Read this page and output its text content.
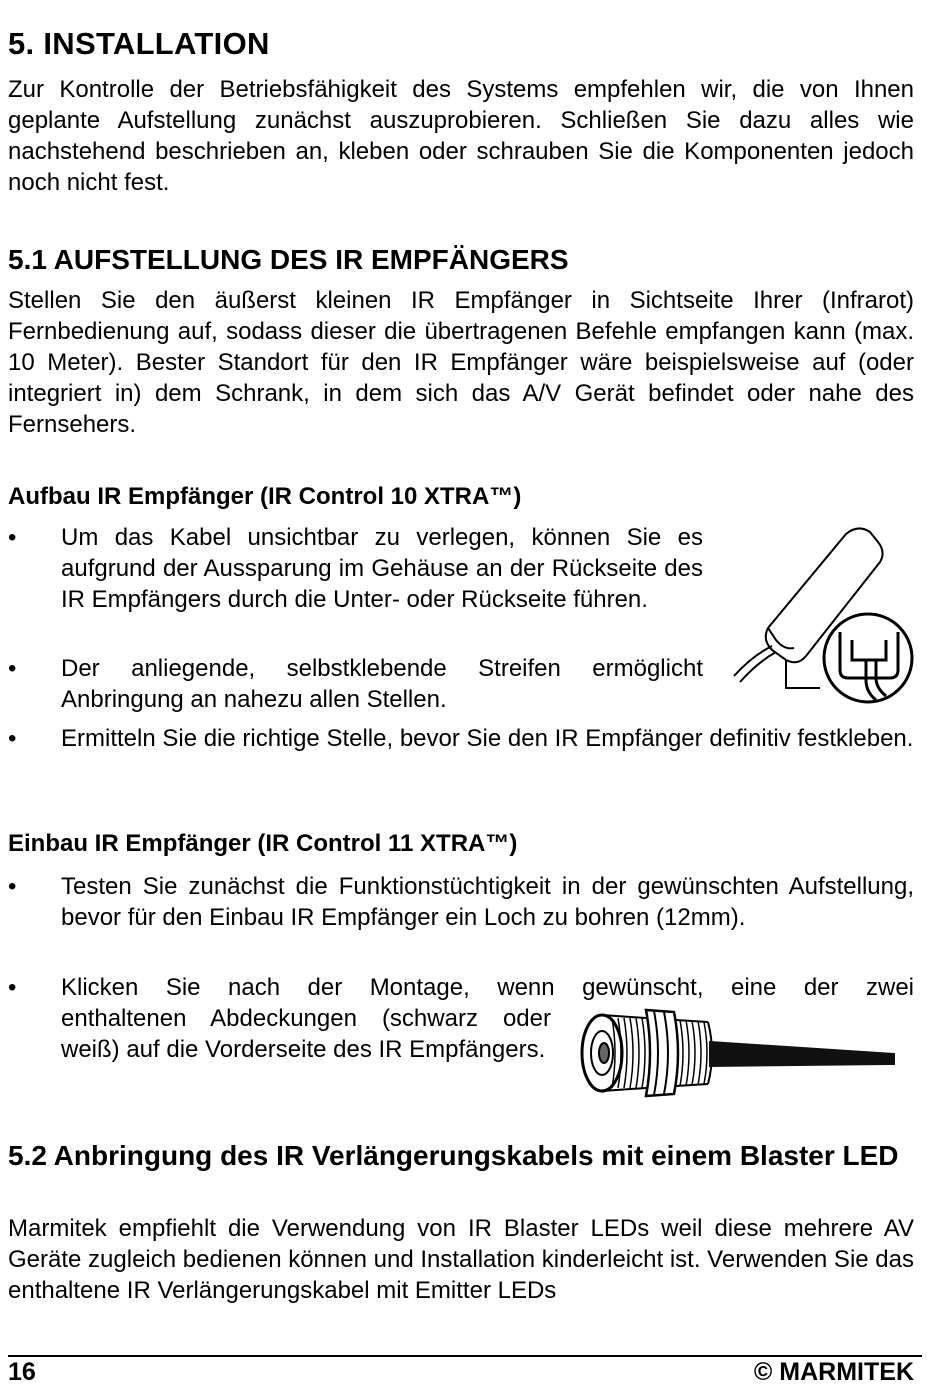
5. INSTALLATION

Zur Kontrolle der Betriebsfähigkeit des Systems empfehlen wir, die von Ihnen geplante Aufstellung zunächst auszuprobieren. Schließen Sie dazu alles wie nachstehend beschrieben an, kleben oder schrauben Sie die Komponenten jedoch noch nicht fest.

5.1 AUFSTELLUNG DES IR EMPFÄNGERS

Stellen Sie den äußerst kleinen IR Empfänger in Sichtseite Ihrer (Infrarot) Fernbedienung auf, sodass dieser die übertragenen Befehle empfangen kann (max. 10 Meter). Bester Standort für den IR Empfänger wäre beispielsweise auf (oder integriert in) dem Schrank, in dem sich das A/V Gerät befindet oder nahe des Fernsehers.

Aufbau IR Empfänger (IR Control 10 XTRA™)
•	Um das Kabel unsichtbar zu verlegen, können Sie es aufgrund der Aussparung im Gehäuse an der Rückseite des IR Empfängers durch die Unter- oder Rückseite führen.

•	Der anliegende, selbstklebende Streifen ermöglicht Anbringung an nahezu allen Stellen.

•	Ermitteln Sie die richtige Stelle, bevor Sie den IR Empfänger definitiv festkleben.

Einbau IR Empfänger (IR Control 11 XTRA™)
•	Testen Sie zunächst die Funktionstüchtigkeit in der gewünschten Aufstellung, bevor für den Einbau IR Empfänger ein Loch zu bohren (12mm).

•	Klicken Sie nach der Montage, wenn gewünscht, eine der zwei

enthaltenen Abdeckungen (schwarz oder weiß) auf die Vorderseite des IR Empfängers.

5.2 Anbringung des IR Verlängerungskabels mit einem Blaster LED

Marmitek empfiehlt die Verwendung von IR Blaster LEDs weil diese mehrere AV Geräte zugleich bedienen können und Installation kinderleicht ist. Verwenden Sie das enthaltene IR Verlängerungskabel mit Emitter LEDs

16	© MARMITEK
